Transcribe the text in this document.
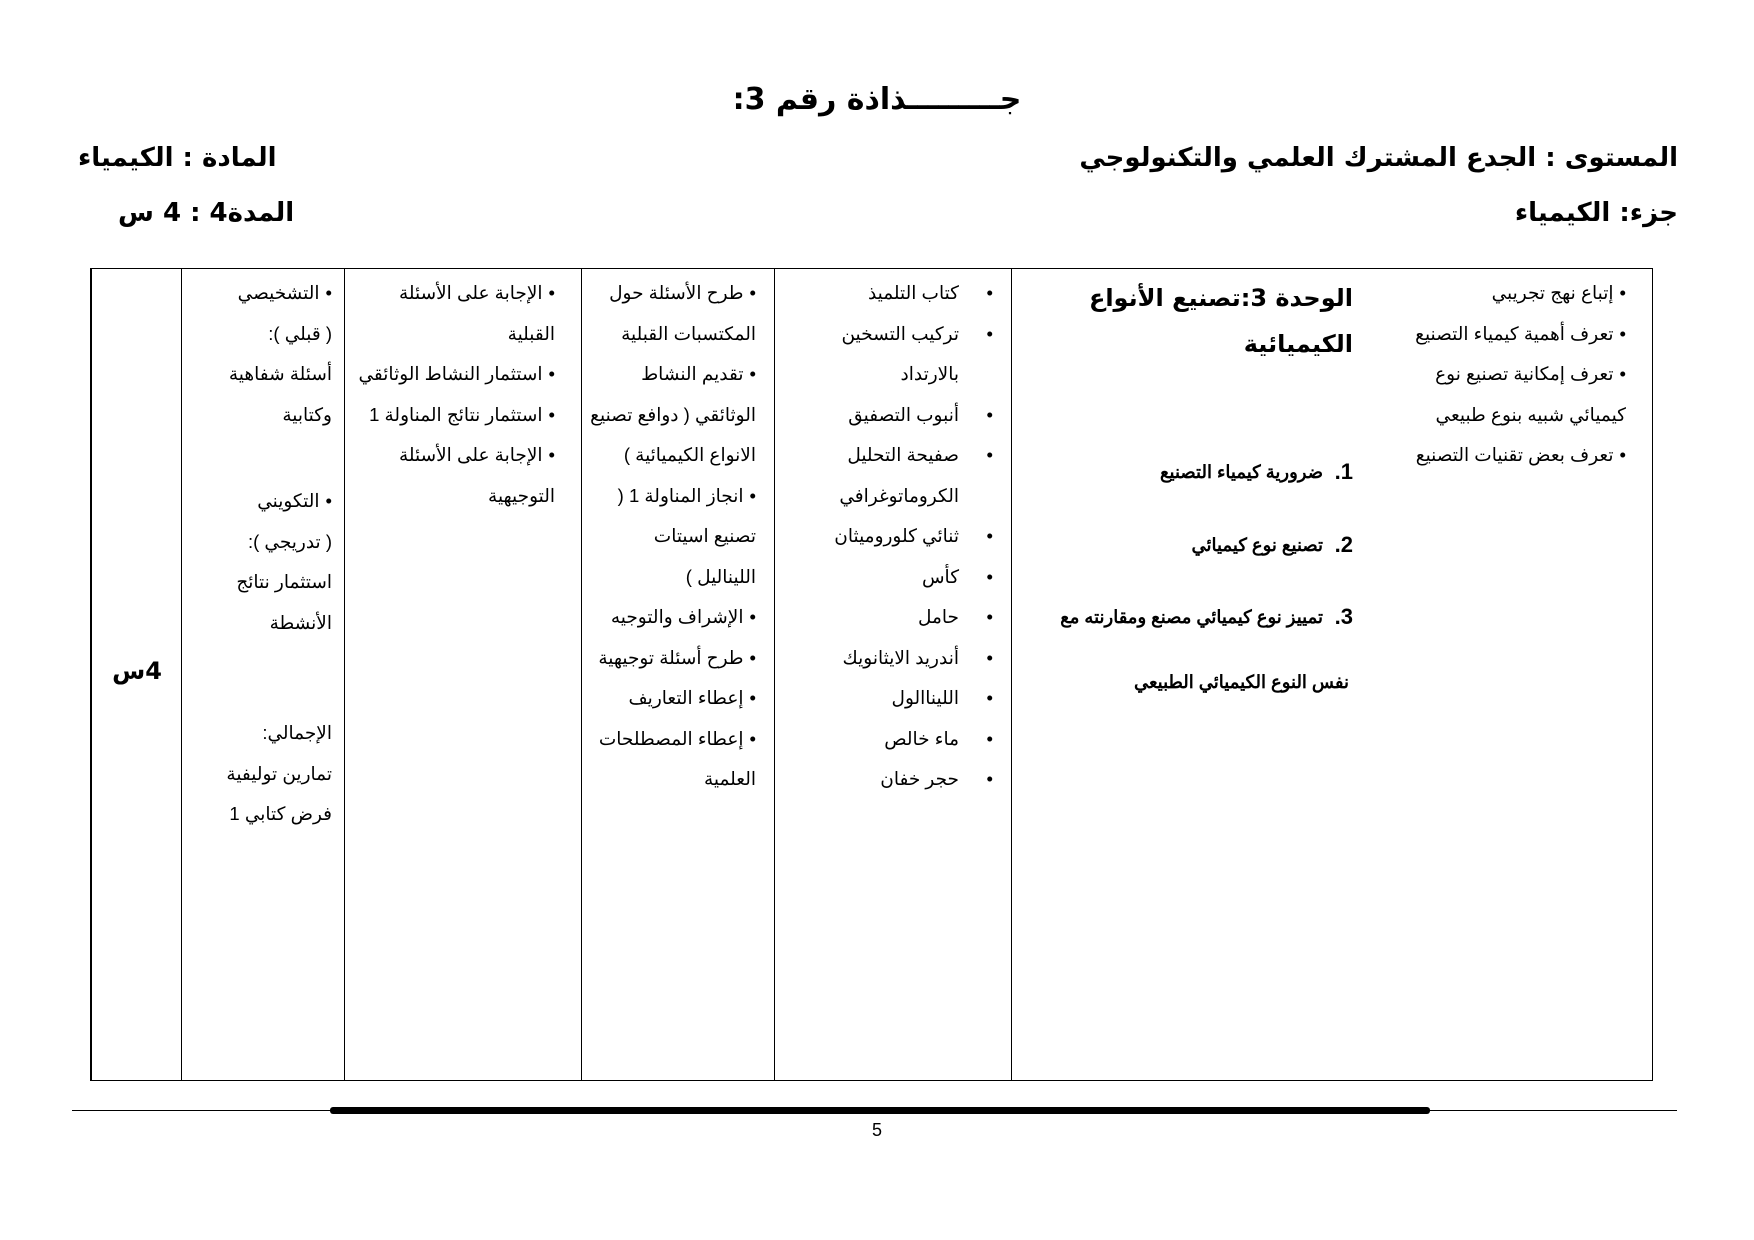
جـــــــــذاذة رقم 3:
المستوى : الجدع المشترك العلمي والتكنولوجي
المادة : الكيمياء
جزء: الكيمياء
المدة4 : 4 س
• إتباع نهج تجريبي
• تعرف أهمية كيمياء التصنيع
• تعرف إمكانية تصنيع نوع كيميائي شبيه بنوع طبيعي
• تعرف بعض تقنيات التصنيع
الوحدة 3:تصنيع الأنواع الكيميائية
1.
ضرورية كيمياء التصنيع
2.
تصنيع نوع كيميائي
3.
تمييز نوع كيميائي مصنع ومقارنته مع
نفس النوع الكيميائي الطبيعي
• كتاب التلميذ
• تركيب التسخين بالارتداد
• أنبوب التصفيق
• صفيحة التحليل الكروماتوغرافي
• ثنائي كلوروميثان
• كأس
• حامل
• أندريد الايثانويك
• الليناالول
• ماء خالص
• حجر خفان
• طرح الأسئلة حول المكتسبات القبلية
• تقديم النشاط الوثائقي ( دوافع تصنيع الانواع الكيميائية )
• انجاز المناولة 1 ( تصنيع اسيتات الليناليل )
• الإشراف والتوجيه
• طرح أسئلة توجيهية
• إعطاء التعاريف
• إعطاء المصطلحات العلمية
• الإجابة على الأسئلة القبلية
• استثمار النشاط الوثائقي
• استثمار نتائج المناولة 1
• الإجابة على الأسئلة التوجيهية
• التشخيصي
( قبلي ):
أسئلة شفاهية وكتابية
• التكويني
( تدريجي ):
استثمار نتائج الأنشطة
الإجمالي:
تمارين توليفية
فرض كتابي 1
4س
5
